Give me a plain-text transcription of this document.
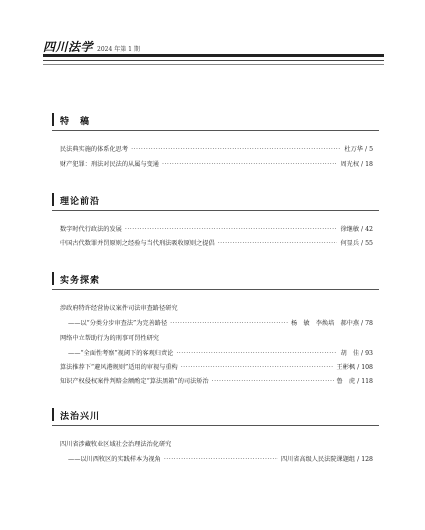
四川法学 2024 年第 1 期
特　稿
民法典实施的体系化思考 ·····	杜万华 / 5
财产犯罪：刑法对民法的从属与变通 ·····	周光权 / 18
理论前沿
数字时代行政法的发展 ·····	徐继敏 / 42
中国古代数罪并罚原则之经验与当代刑法吸收原则之提倡 ·····	何显兵 / 55
实务探索
涉政府特许经营协议案件司法审查路径研究
——以“分类分步审查法”为完善路径 ·····	杨　敏　李焕培　郝中燕 / 78
网络中立帮助行为的刑事可罚性研究
——“全面性考察”视阈下的客观归责论 ·····	胡　佳 / 93
算法推荐下“避风港规则”适用的审视与重构 ·····	王彬枫 / 108
知识产权侵权案件判赔金额酌定“算法黑箱”的司法矫治 ·····	鲁　虎 / 118
法治兴川
四川省涉藏牧业区域社会治理法治化研究
——以川西牧区的实践样本为视角 ·····	四川省高级人民法院课题组 / 128
